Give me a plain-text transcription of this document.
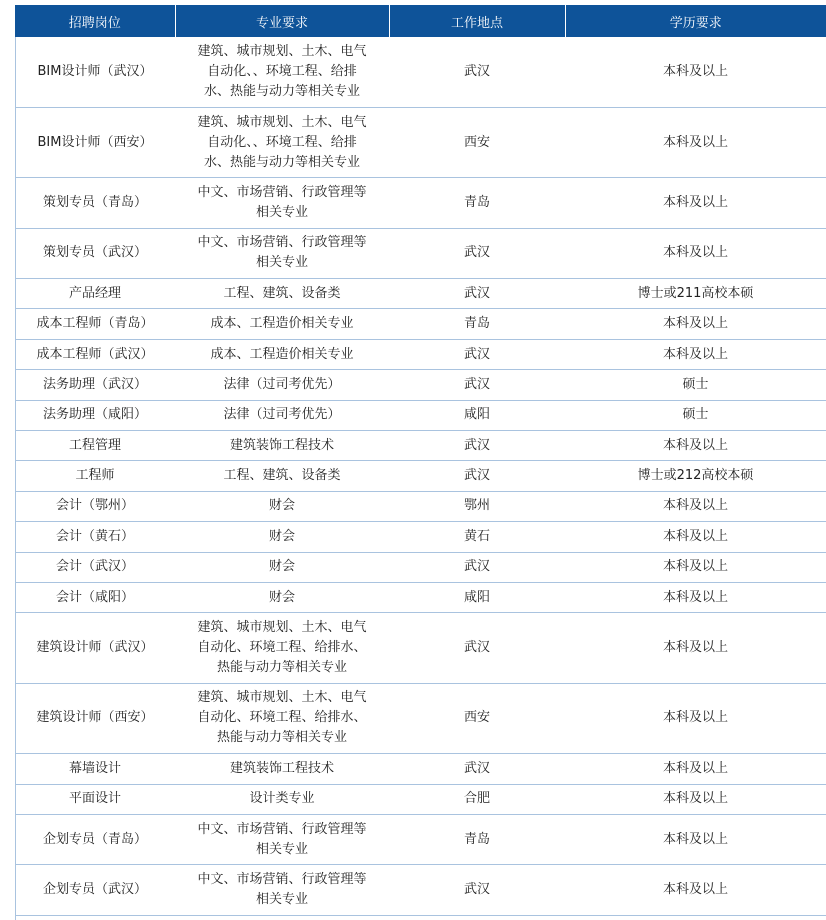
招聘岗位	专业要求	工作地点	学历要求
BIM设计师（武汉）	建筑、城市规划、土木、电气自动化、、环境工程、给排水、热能与动力等相关专业	武汉	本科及以上
BIM设计师（西安）	建筑、城市规划、土木、电气自动化、、环境工程、给排水、热能与动力等相关专业	西安	本科及以上
策划专员（青岛）	中文、市场营销、行政管理等相关专业	青岛	本科及以上
策划专员（武汉）	中文、市场营销、行政管理等相关专业	武汉	本科及以上
产品经理	工程、建筑、设备类	武汉	博士或211高校本硕
成本工程师（青岛）	成本、工程造价相关专业	青岛	本科及以上
成本工程师（武汉）	成本、工程造价相关专业	武汉	本科及以上
法务助理（武汉）	法律（过司考优先）	武汉	硕士
法务助理（咸阳）	法律（过司考优先）	咸阳	硕士
工程管理	建筑装饰工程技术	武汉	本科及以上
工程师	工程、建筑、设备类	武汉	博士或212高校本硕
会计（鄂州）	财会	鄂州	本科及以上
会计（黄石）	财会	黄石	本科及以上
会计（武汉）	财会	武汉	本科及以上
会计（咸阳）	财会	咸阳	本科及以上
建筑设计师（武汉）	建筑、城市规划、土木、电气自动化、环境工程、给排水、热能与动力等相关专业	武汉	本科及以上
建筑设计师（西安）	建筑、城市规划、土木、电气自动化、环境工程、给排水、热能与动力等相关专业	西安	本科及以上
幕墙设计	建筑装饰工程技术	武汉	本科及以上
平面设计	设计类专业	合肥	本科及以上
企划专员（青岛）	中文、市场营销、行政管理等相关专业	青岛	本科及以上
企划专员（武汉）	中文、市场营销、行政管理等相关专业	武汉	本科及以上
